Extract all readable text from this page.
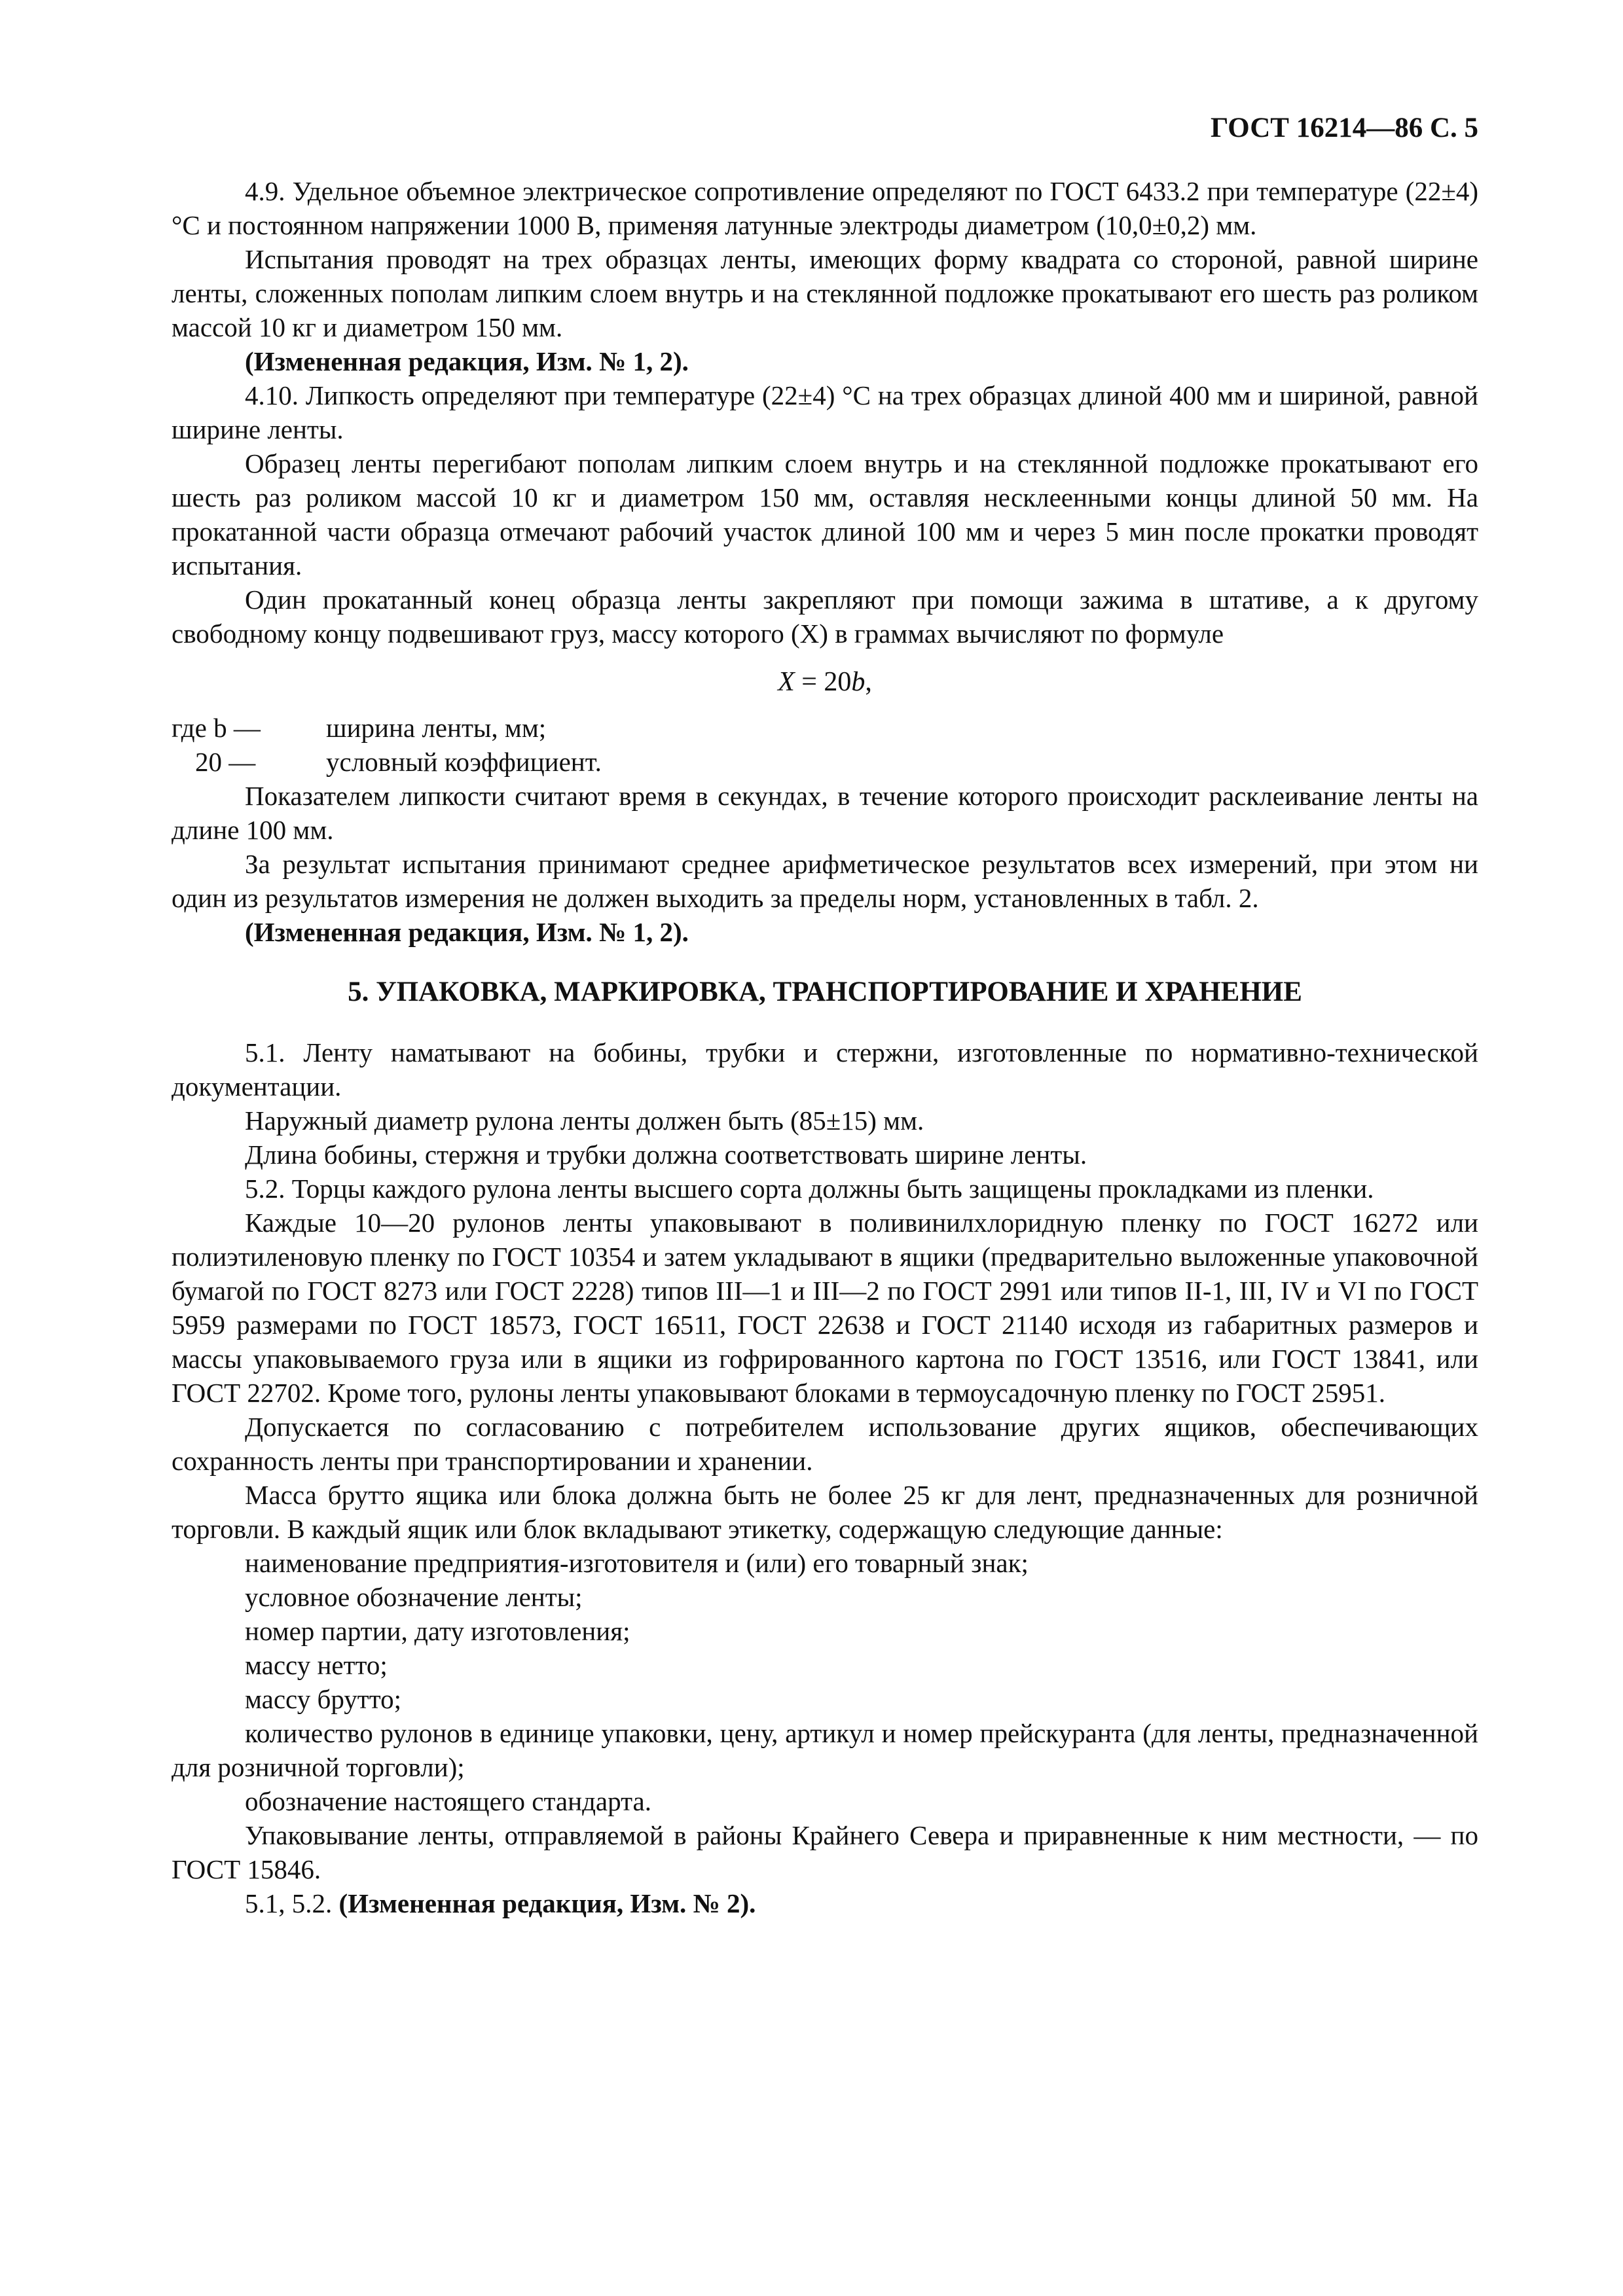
ГОСТ 16214—86 С. 5

4.9. Удельное объемное электрическое сопротивление определяют по ГОСТ 6433.2 при температуре (22±4) °С и постоянном напряжении 1000 В, применяя латунные электроды диаметром (10,0±0,2) мм.

Испытания проводят на трех образцах ленты, имеющих форму квадрата со стороной, равной ширине ленты, сложенных пополам липким слоем внутрь и на стеклянной подложке прокатывают его шесть раз роликом массой 10 кг и диаметром 150 мм.

(Измененная редакция, Изм. № 1, 2).

4.10. Липкость определяют при температуре (22±4) °С на трех образцах длиной 400 мм и шириной, равной ширине ленты.

Образец ленты перегибают пополам липким слоем внутрь и на стеклянной подложке прокатывают его шесть раз роликом массой 10 кг и диаметром 150 мм, оставляя несклеенными концы длиной 50 мм. На прокатанной части образца отмечают рабочий участок длиной 100 мм и через 5 мин после прокатки проводят испытания.

Один прокатанный конец образца ленты закрепляют при помощи зажима в штативе, а к другому свободному концу подвешивают груз, массу которого (X) в граммах вычисляют по формуле

X = 20b,
где b —	ширина ленты, мм;
20 —	условный коэффициент.

Показателем липкости считают время в секундах, в течение которого происходит расклеивание ленты на длине 100 мм.

За результат испытания принимают среднее арифметическое результатов всех измерений, при этом ни один из результатов измерения не должен выходить за пределы норм, установленных в табл. 2.

(Измененная редакция, Изм. № 1, 2).

5. УПАКОВКА, МАРКИРОВКА, ТРАНСПОРТИРОВАНИЕ И ХРАНЕНИЕ

5.1. Ленту наматывают на бобины, трубки и стержни, изготовленные по нормативно-технической документации.

Наружный диаметр рулона ленты должен быть (85±15) мм.

Длина бобины, стержня и трубки должна соответствовать ширине ленты.

5.2. Торцы каждого рулона ленты высшего сорта должны быть защищены прокладками из пленки.

Каждые 10—20 рулонов ленты упаковывают в поливинилхлоридную пленку по ГОСТ 16272 или полиэтиленовую пленку по ГОСТ 10354 и затем укладывают в ящики (предварительно выложенные упаковочной бумагой по ГОСТ 8273 или ГОСТ 2228) типов III—1 и III—2 по ГОСТ 2991 или типов II-1, III, IV и VI по ГОСТ 5959 размерами по ГОСТ 18573, ГОСТ 16511, ГОСТ 22638 и ГОСТ 21140 исходя из габаритных размеров и массы упаковываемого груза или в ящики из гофрированного картона по ГОСТ 13516, или ГОСТ 13841, или ГОСТ 22702. Кроме того, рулоны ленты упаковывают блоками в термоусадочную пленку по ГОСТ 25951.

Допускается по согласованию с потребителем использование других ящиков, обеспечивающих сохранность ленты при транспортировании и хранении.

Масса брутто ящика или блока должна быть не более 25 кг для лент, предназначенных для розничной торговли. В каждый ящик или блок вкладывают этикетку, содержащую следующие данные:

наименование предприятия-изготовителя и (или) его товарный знак;

условное обозначение ленты;

номер партии, дату изготовления;

массу нетто;

массу брутто;

количество рулонов в единице упаковки, цену, артикул и номер прейскуранта (для ленты, предназначенной для розничной торговли);

обозначение настоящего стандарта.

Упаковывание ленты, отправляемой в районы Крайнего Севера и приравненные к ним местности, — по ГОСТ 15846.

5.1, 5.2. (Измененная редакция, Изм. № 2).
